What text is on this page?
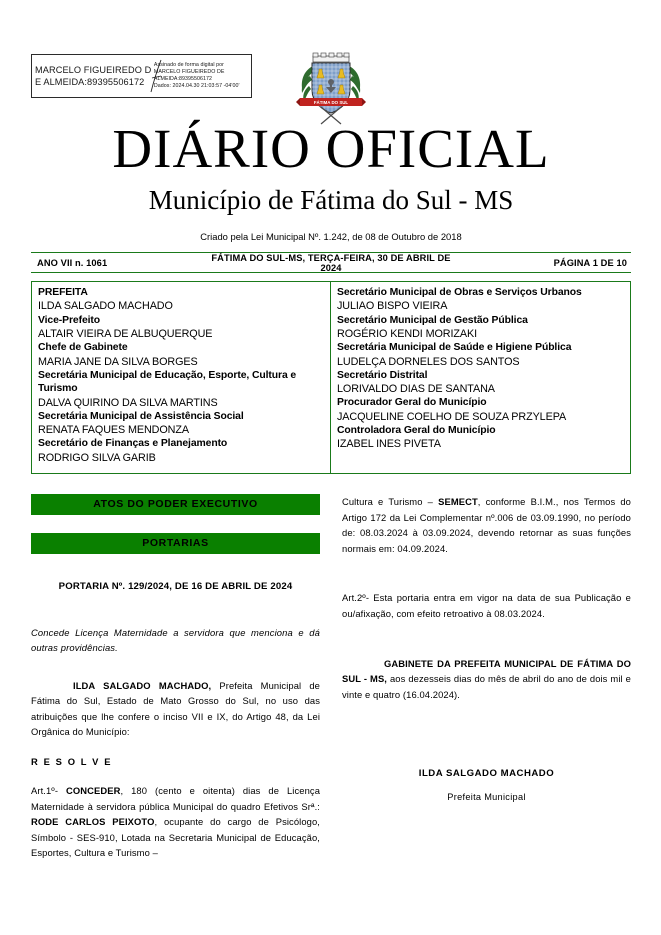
MARCELO FIGUEIREDO DE ALMEIDA:89395506172
Assinado de forma digital por
MARCELO FIGUEIREDO DE
ALMEIDA:89395506172
Dados: 2024.04.30 21:03:57 -04'00'
FÁTIMA DO SUL
DIÁRIO OFICIAL
Município de Fátima do Sul - MS
Criado pela Lei Municipal Nº. 1.242, de 08 de Outubro de 2018
ANO VII n. 1061	FÁTIMA DO SUL-MS, TERÇA-FEIRA, 30 DE ABRIL DE 2024	PÁGINA 1 DE 10
PREFEITA
ILDA SALGADO MACHADO
Vice-Prefeito
ALTAIR VIEIRA DE ALBUQUERQUE
Chefe de Gabinete
MARIA JANE DA SILVA BORGES
Secretária Municipal de Educação, Esporte, Cultura e Turismo
DALVA QUIRINO DA SILVA MARTINS
Secretária Municipal de Assistência Social
RENATA FAQUES MENDONZA
Secretário de Finanças e Planejamento
RODRIGO SILVA GARIB
Secretário Municipal de Obras e Serviços Urbanos
JULIAO BISPO VIEIRA
Secretário Municipal de Gestão Pública
ROGÉRIO KENDI MORIZAKI
Secretária Municipal de Saúde e Higiene Pública
LUDELÇA DORNELES DOS SANTOS
Secretário Distrital
LORIVALDO DIAS DE SANTANA
Procurador Geral do Município
JACQUELINE COELHO DE SOUZA PRZYLEPA
Controladora Geral do Município
IZABEL INES PIVETA
ATOS DO PODER EXECUTIVO
PORTARIAS
PORTARIA Nº. 129/2024, DE 16 DE ABRIL DE 2024
Concede Licença Maternidade a servidora que menciona e dá outras providências.
ILDA SALGADO MACHADO, Prefeita Municipal de Fátima do Sul, Estado de Mato Grosso do Sul, no uso das atribuições que lhe confere o inciso VII e IX, do Artigo 48, da Lei Orgânica do Município:
R E S O L V E
Art.1º- CONCEDER, 180 (cento e oitenta) dias de Licença Maternidade à servidora pública Municipal do quadro Efetivos Srª.: RODE CARLOS PEIXOTO, ocupante do cargo de Psicólogo, Símbolo - SES-910, Lotada na Secretaria Municipal de Educação, Esportes, Cultura e Turismo –
Cultura e Turismo – SEMECT, conforme B.I.M., nos Termos do Artigo 172 da Lei Complementar nº.006 de 03.09.1990, no período de: 08.03.2024 à 03.09.2024, devendo retornar as suas funções normais em: 04.09.2024.
Art.2º- Esta portaria entra em vigor na data de sua Publicação e ou/afixação, com efeito retroativo à 08.03.2024.
GABINETE DA PREFEITA MUNICIPAL DE FÁTIMA DO SUL - MS, aos dezesseis dias do mês de abril do ano de dois mil e vinte e quatro (16.04.2024).
ILDA SALGADO MACHADO
Prefeita Municipal
